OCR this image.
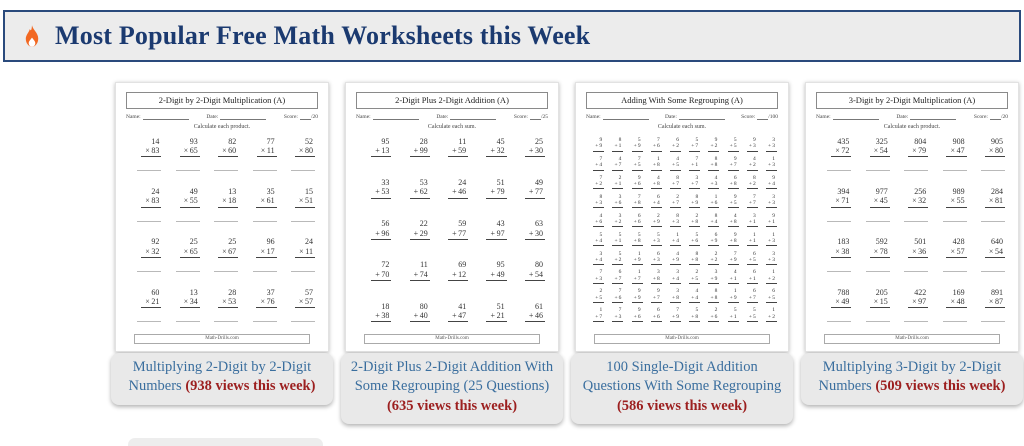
Most Popular Free Math Worksheets this Week
2-Digit by 2-Digit Multiplication (A)
Name:	Date:	Score: /20
Calculate each product.
14
× 83
93
× 65
82
× 60
77
× 11
52
× 80
24
× 83
49
× 55
13
× 18
35
× 61
15
× 51
92
× 32
25
× 65
25
× 67
96
× 17
24
× 11
60
× 21
13
× 34
28
× 53
37
× 76
57
× 57
Math-Drills.com
Multiplying 2-Digit by 2-Digit Numbers (938 views this week)
2-Digit Plus 2-Digit Addition (A)
Name:	Date:	Score: /25
Calculate each sum.
95
+ 13
28
+ 99
11
+ 59
45
+ 32
25
+ 30
33
+ 53
53
+ 62
24
+ 46
51
+ 79
49
+ 77
56
+ 96
22
+ 29
59
+ 77
43
+ 97
63
+ 30
72
+ 70
11
+ 74
69
+ 12
95
+ 49
80
+ 54
18
+ 38
80
+ 40
41
+ 47
51
+ 21
61
+ 46
Math-Drills.com
2-Digit Plus 2-Digit Addition With Some Regrouping (25 Questions) (635 views this week)
Adding With Some Regrouping (A)
Name:	Date:	Score: /100
Calculate each sum.
9
+ 9
8
+ 1
5
+ 9
7
+ 6
6
+ 2
5
+ 7
9
+ 2
5
+ 5
9
+ 3
3
+ 3
7
+ 4
4
+ 7
7
+ 5
1
+ 8
4
+ 5
7
+ 1
8
+ 8
9
+ 7
4
+ 2
1
+ 3
7
+ 2
2
+ 1
9
+ 6
4
+ 8
8
+ 7
3
+ 7
4
+ 3
6
+ 8
8
+ 2
9
+ 4
8
+ 3
3
+ 6
7
+ 8
6
+ 4
2
+ 7
8
+ 9
1
+ 6
9
+ 5
7
+ 7
3
+ 3
4
+ 6
3
+ 2
6
+ 6
2
+ 9
8
+ 3
2
+ 8
8
+ 4
4
+ 8
3
+ 1
9
+ 1
5
+ 4
5
+ 1
5
+ 8
5
+ 3
1
+ 4
5
+ 6
6
+ 9
9
+ 8
1
+ 1
1
+ 3
3
+ 4
5
+ 2
1
+ 9
6
+ 3
4
+ 9
8
+ 8
2
+ 2
7
+ 9
6
+ 5
3
+ 3
7
+ 3
6
+ 7
1
+ 7
3
+ 8
3
+ 4
2
+ 5
3
+ 9
4
+ 1
6
+ 1
1
+ 2
2
+ 5
7
+ 6
9
+ 9
9
+ 7
3
+ 8
4
+ 4
8
+ 8
1
+ 9
6
+ 7
6
+ 5
1
+ 7
7
+ 3
9
+ 6
6
+ 6
7
+ 9
5
+ 8
2
+ 6
5
+ 1
5
+ 5
1
+ 2
Math-Drills.com
100 Single-Digit Addition Questions With Some Regrouping (586 views this week)
3-Digit by 2-Digit Multiplication (A)
Name:	Date:	Score: /20
Calculate each product.
435
× 72
325
× 54
804
× 79
908
× 47
905
× 80
394
× 71
977
× 45
256
× 32
989
× 55
284
× 81
183
× 38
592
× 78
501
× 36
428
× 57
640
× 54
788
× 49
205
× 15
422
× 97
169
× 48
891
× 87
Math-Drills.com
Multiplying 3-Digit by 2-Digit Numbers (509 views this week)
